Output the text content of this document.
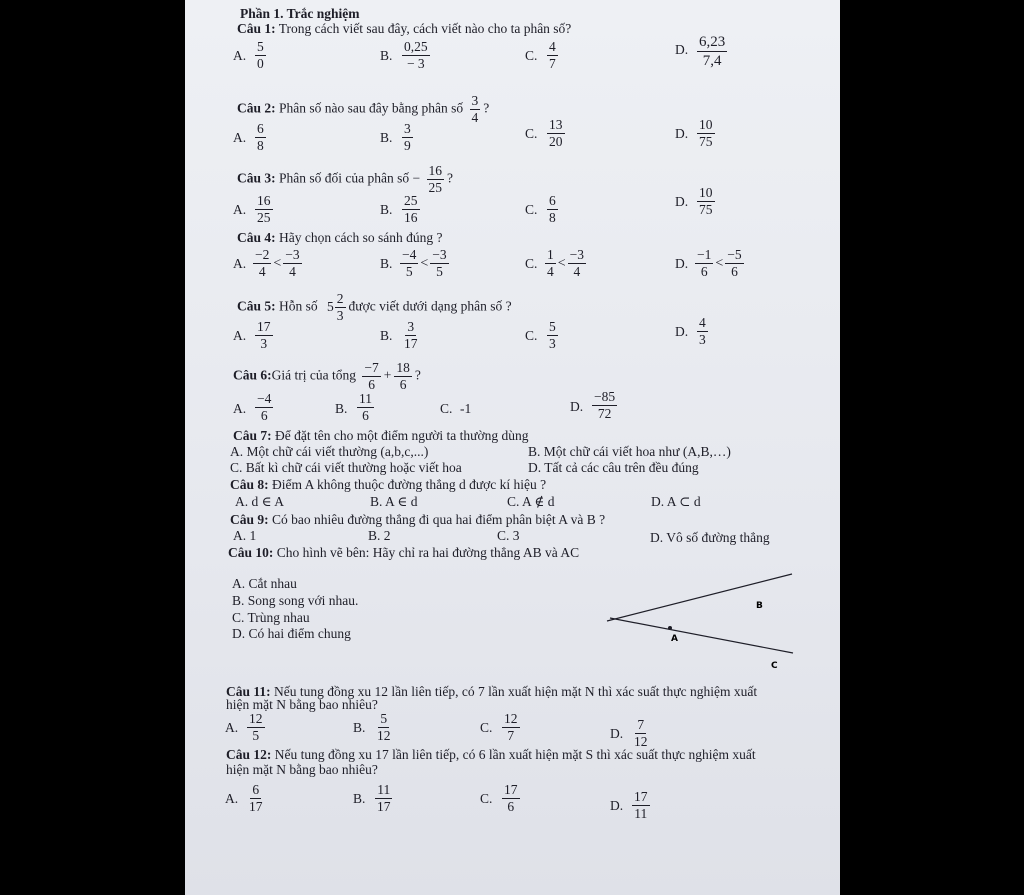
Phần 1. Trắc nghiệm
Câu 1: Trong cách viết sau đây, cách viết nào cho ta phân số?
Câu 2: Phân số nào sau đây bằng phân số $\frac{3}{4}$ ?
Câu 3: Phân số đối của phân số − $\frac{16}{25}$ ?
Câu 4: Hãy chọn cách so sánh đúng ?
Câu 5: Hỗn số $5 \frac{2}{3}$ được viết dưới dạng phân số ?
Câu 6:Giá trị của tổng $\frac{-7}{6} + \frac{18}{6}$ ?
Câu 7: Để đặt tên cho một điểm người ta thường dùng
A. Một chữ cái viết thường (a,b,c,...)	B. Một chữ cái viết hoa như (A,B,…)
C. Bất kì chữ cái viết thường hoặc viết hoa	D. Tất cả các câu trên đều đúng
Câu 8: Điểm A không thuộc đường thẳng d được kí hiệu ?
A. d ∈ A	B. A ∈ d	C. A ∉ d	D. A ⊂ d
Câu 9: Có bao nhiêu đường thẳng đi qua hai điểm phân biệt A và B ?
A. 1	B. 2	C. 3	D. Vô số đường thẳng
Câu 10: Cho hình vẽ bên: Hãy chỉ ra hai đường thẳng AB và AC
A. Cắt nhau
B. Song song với nhau.
C. Trùng nhau
D. Có hai điểm chung
B
A
C
Câu 11: Nếu tung đồng xu 12 lần liên tiếp, có 7 lần xuất hiện mặt N thì xác suất thực nghiệm xuất
hiện mặt N bằng bao nhiêu?
Câu 12: Nếu tung đồng xu 17 lần liên tiếp, có 6 lần xuất hiện mặt S thì xác suất thực nghiệm xuất
hiện mặt N bằng bao nhiêu?
A. $\frac{5}{0}$	B. $\frac{0,25}{- 3}$	C. $\frac{4}{7}$	D. $\frac{6,23}{7,4}$
A. $\frac{6}{8}$	B. $\frac{3}{9}$	C. $\frac{13}{20}$	D. $\frac{10}{75}$
A. $\frac{16}{25}$	B. $\frac{25}{16}$	C. $\frac{6}{8}$	D. $\frac{10}{75}$
A. $\frac{17}{3}$	B. $\frac{3}{17}$	C. $\frac{5}{3}$	D. $\frac{4}{3}$
A. $\frac{12}{5}$	B. $\frac{5}{12}$	C. $\frac{12}{7}$	D. $\frac{7}{12}$
A. $\frac{6}{17}$	B. $\frac{11}{17}$	C. $\frac{17}{6}$	D. $\frac{17}{11}$
A. $\frac{-2}{4} < \frac{-3}{4}$	B. $\frac{-4}{5} < \frac{-3}{5}$	C. $\frac{1}{4} < \frac{-3}{4}$	D. $\frac{-1}{6} < \frac{-5}{6}$
A. $\frac{-4}{6}$	B. $\frac{11}{6}$	C. -1	D. $\frac{-85}{72}$
